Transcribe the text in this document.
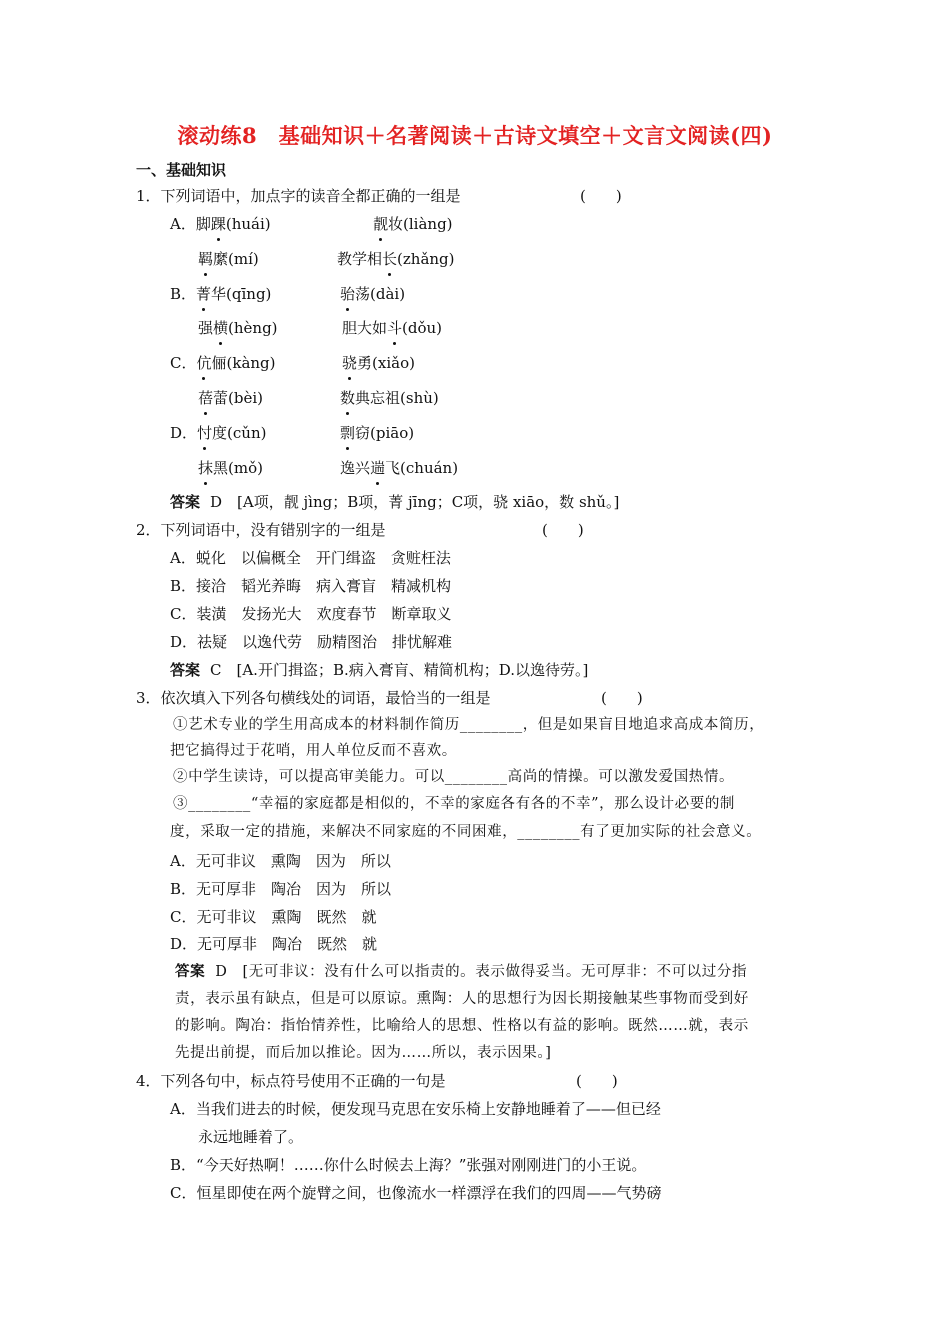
滚动练8　基础知识＋名著阅读＋古诗文填空＋文言文阅读(四)
一、基础知识
1．下列词语中，加点字的读音全都正确的一组是	(　　)
A．脚踝(huái)	靓妆(liàng)
羁縻(mí)	教学相长(zhǎng)
B．菁华(qīng)	骀荡(dài)
强横(hèng)	胆大如斗(dǒu)
C．伉俪(kàng)	骁勇(xiǎo)
蓓蕾(bèi)	数典忘祖(shù)
D．忖度(cǔn)	剽窃(piāo)
抹黑(mǒ)	逸兴遄飞(chuán)
答案 D　[A项，靓 jìng；B项，菁 jīng；C项，骁 xiāo，数 shǔ。]
2．下列词语中，没有错别字的一组是	(　　)
A．蜕化　以偏概全　开门缉盗　贪赃枉法
B．接洽　韬光养晦　病入膏盲　精减机构
C．装潢　发扬光大　欢度春节　断章取义
D．祛疑　以逸代劳　励精图治　排忧解难
答案 C　[A.开门揖盗；B.病入膏肓、精简机构；D.以逸待劳。]
3．依次填入下列各句横线处的词语，最恰当的一组是	(　　)
①艺术专业的学生用高成本的材料制作简历________，但是如果盲目地追求高成本简历，
把它搞得过于花哨，用人单位反而不喜欢。
②中学生读诗，可以提高审美能力。可以________高尚的情操。可以激发爱国热情。
③________“幸福的家庭都是相似的，不幸的家庭各有各的不幸”，那么设计必要的制
度，采取一定的措施，来解决不同家庭的不同困难，________有了更加实际的社会意义。
A．无可非议　熏陶　因为　所以
B．无可厚非　陶冶　因为　所以
C．无可非议　熏陶　既然　就
D．无可厚非　陶冶　既然　就
答案 D　[无可非议：没有什么可以指责的。表示做得妥当。无可厚非：不可以过分指
责，表示虽有缺点，但是可以原谅。熏陶：人的思想行为因长期接触某些事物而受到好
的影响。陶冶：指怡情养性，比喻给人的思想、性格以有益的影响。既然……就，表示
先提出前提，而后加以推论。因为……所以，表示因果。]
4．下列各句中，标点符号使用不正确的一句是	(　　)
A．当我们进去的时候，便发现马克思在安乐椅上安静地睡着了——但已经
永远地睡着了。
B．“今天好热啊！……你什么时候去上海？”张强对刚刚进门的小王说。
C．恒星即使在两个旋臂之间，也像流水一样漂浮在我们的四周——气势磅
